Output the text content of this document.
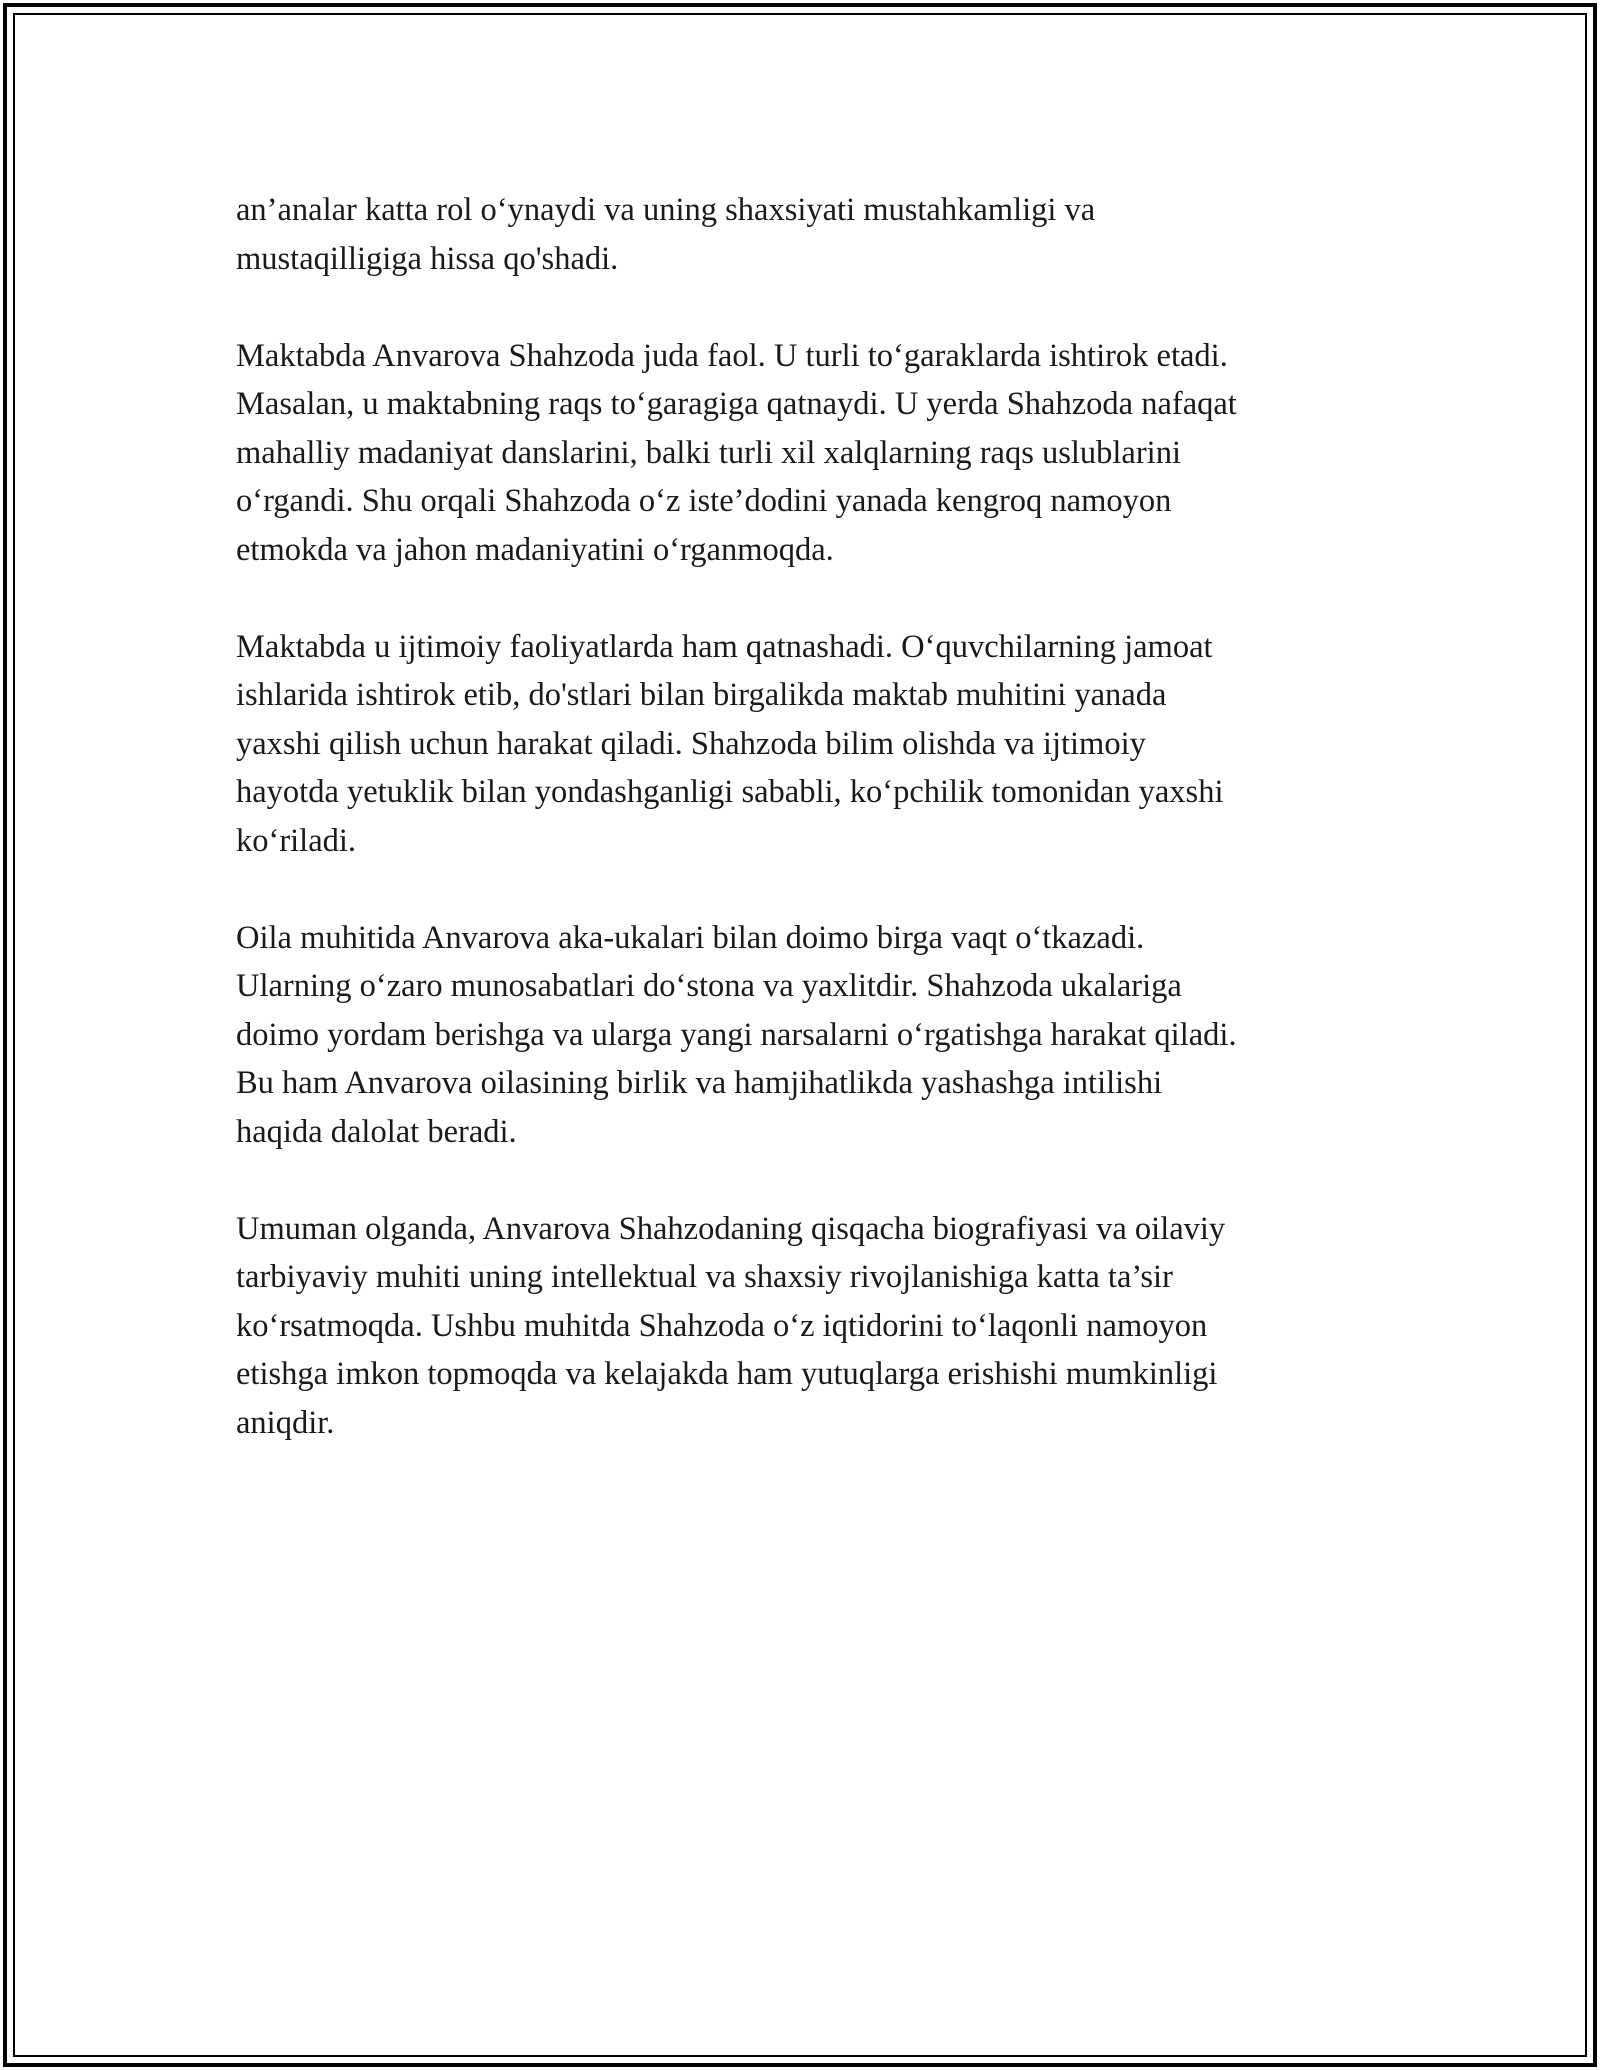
an’analar katta rol o‘ynaydi va uning shaxsiyati mustahkamligi va
mustaqilligiga hissa qo'shadi.

Maktabda Anvarova Shahzoda juda faol. U turli to‘garaklarda ishtirok etadi.
Masalan, u maktabning raqs to‘garagiga qatnaydi. U yerda Shahzoda nafaqat
mahalliy madaniyat danslarini, balki turli xil xalqlarning raqs uslublarini
o‘rgandi. Shu orqali Shahzoda o‘z iste’dodini yanada kengroq namoyon
etmokda va jahon madaniyatini o‘rganmoqda.

Maktabda u ijtimoiy faoliyatlarda ham qatnashadi. O‘quvchilarning jamoat
ishlarida ishtirok etib, do'stlari bilan birgalikda maktab muhitini yanada
yaxshi qilish uchun harakat qiladi. Shahzoda bilim olishda va ijtimoiy
hayotda yetuklik bilan yondashganligi sababli, ko‘pchilik tomonidan yaxshi
ko‘riladi.

Oila muhitida Anvarova aka-ukalari bilan doimo birga vaqt o‘tkazadi.
Ularning o‘zaro munosabatlari do‘stona va yaxlitdir. Shahzoda ukalariga
doimo yordam berishga va ularga yangi narsalarni o‘rgatishga harakat qiladi.
Bu ham Anvarova oilasining birlik va hamjihatlikda yashashga intilishi
haqida dalolat beradi.

Umuman olganda, Anvarova Shahzodaning qisqacha biografiyasi va oilaviy
tarbiyaviy muhiti uning intellektual va shaxsiy rivojlanishiga katta ta’sir
ko‘rsatmoqda. Ushbu muhitda Shahzoda o‘z iqtidorini to‘laqonli namoyon
etishga imkon topmoqda va kelajakda ham yutuqlarga erishishi mumkinligi
aniqdir.
